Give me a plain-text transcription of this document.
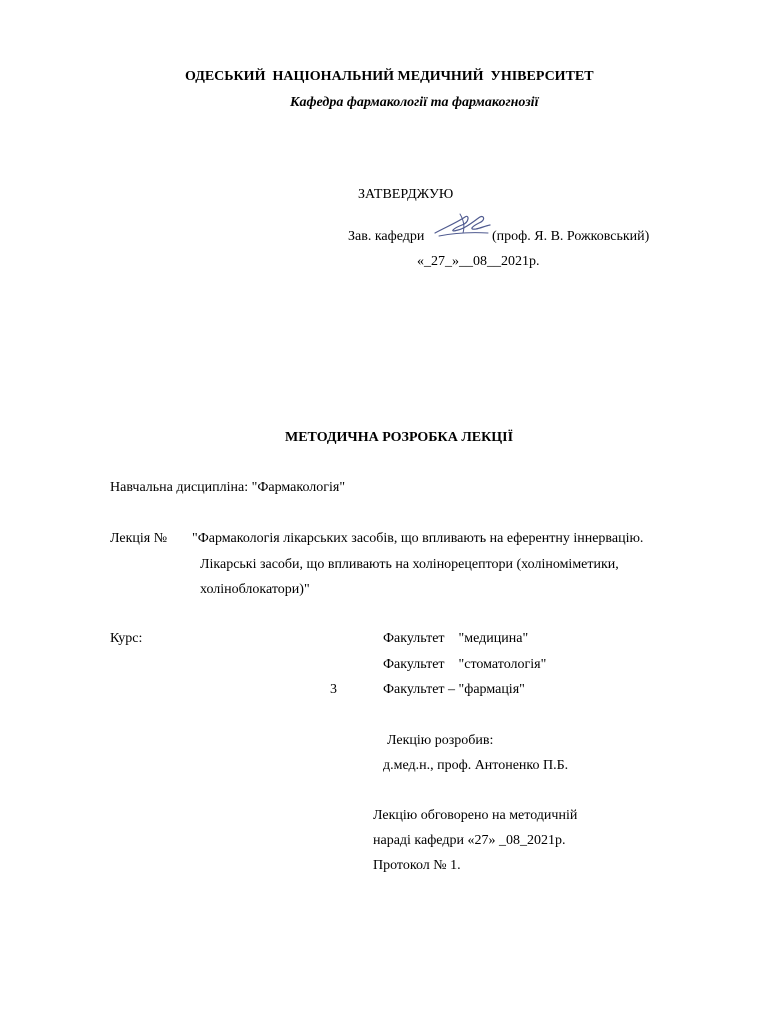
ОДЕСЬКИЙ  НАЦІОНАЛЬНИЙ МЕДИЧНИЙ  УНІВЕРСИТЕТ
Кафедра фармакології та фармакогнозії
ЗАТВЕРДЖУЮ
Зав. кафедри	(проф. Я. В. Рожковський)
«_27_»__08__2021р.
МЕТОДИЧНА РОЗРОБКА ЛЕКЦІЇ
Навчальна дисципліна: "Фармакологія"
Лекція № "Фармакологія лікарських засобів, що впливають на еферентну іннервацію.
Лікарські засоби, що впливають на холінорецептори (холіноміметики,
холіноблокатори)"
Курс:	Факультет    "медицина"
Факультет    "стоматологія"
3	Факультет – "фармація"
Лекцію розробив:
д.мед.н., проф. Антоненко П.Б.
Лекцію обговорено на методичній
нараді кафедри «27» _08_2021р.
Протокол № 1.
